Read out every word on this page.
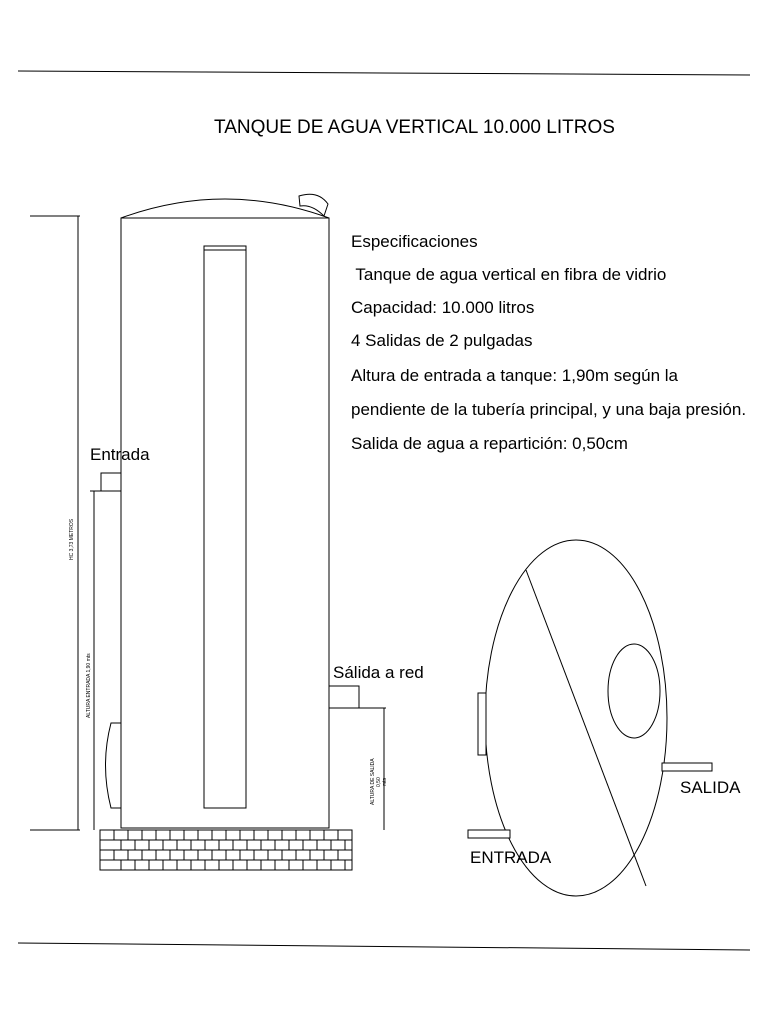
TANQUE DE AGUA VERTICAL 10.000 LITROS
HC 3,73 METROS
ALTURA ENTRADA 1,90 mts
ALTURA DE SALIDA 0,50 mts
Entrada
Sálida a red
Especificaciones
Tanque de agua vertical en fibra de vidrio
Capacidad: 10.000 litros
4 Salidas de 2 pulgadas
Altura de entrada a tanque: 1,90m según la
pendiente de la tubería principal, y una baja presión.
Salida de agua a repartición: 0,50cm
SALIDA
ENTRADA
